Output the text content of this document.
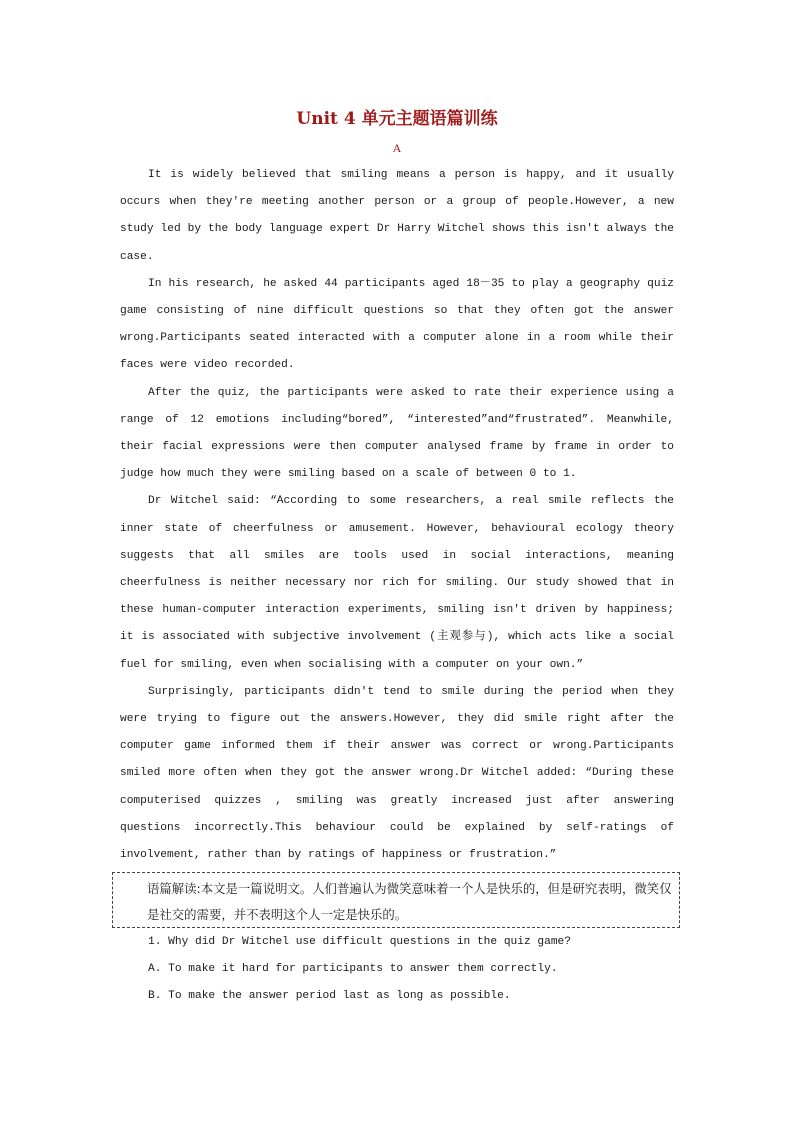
Unit 4 单元主题语篇训练
A

It is widely believed that smiling means a person is happy, and it usually occurs when they're meeting another person or a group of people.However, a new study led by the body language expert Dr Harry Witchel shows this isn't always the case.

In his research, he asked 44 participants aged 18－35 to play a geography quiz game consisting of nine difficult questions so that they often got the answer wrong.Participants seated interacted with a computer alone in a room while their faces were video recorded.

After the quiz, the participants were asked to rate their experience using a range of 12 emotions including“bored”, “interested”and“frustrated”. Meanwhile, their facial expressions were then computer analysed frame by frame in order to judge how much they were smiling based on a scale of between 0 to 1.

Dr Witchel said: “According to some researchers, a real smile reflects the inner state of cheerfulness or amusement. However, behavioural ecology theory suggests that all smiles are tools used in social interactions, meaning cheerfulness is neither necessary nor rich for smiling. Our study showed that in these human-computer interaction experiments, smiling isn't driven by happiness; it is associated with subjective involvement (主观参与), which acts like a social fuel for smiling, even when socialising with a computer on your own.”

Surprisingly, participants didn't tend to smile during the period when they were trying to figure out the answers.However, they did smile right after the computer game informed them if their answer was correct or wrong.Participants smiled more often when they got the answer wrong.Dr Witchel added: “During these computerised quizzes , smiling was greatly increased just after answering questions incorrectly.This behaviour could be explained by self-ratings of involvement, rather than by ratings of happiness or frustration.”

语篇解读:本文是一篇说明文。人们普遍认为微笑意味着一个人是快乐的，但是研究表明，微笑仅是社交的需要，并不表明这个人一定是快乐的。
1. Why did Dr Witchel use difficult questions in the quiz game?
A. To make it hard for participants to answer them correctly.
B. To make the answer period last as long as possible.
